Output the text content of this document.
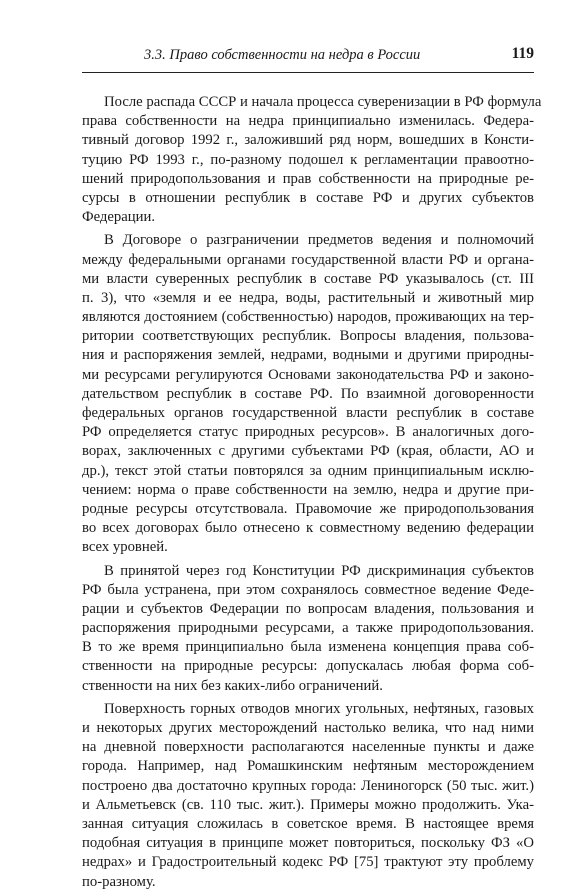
3.3. Право собственности на недра в России	119
После распада СССР и начала процесса суверенизации в РФ формула
права собственности на недра принципиально изменилась. Федера-
тивный договор 1992 г., заложивший ряд норм, вошедших в Консти-
туцию РФ 1993 г., по-разному подошел к регламентации правоотно-
шений природопользования и прав собственности на природные ре-
сурсы в отношении республик в составе РФ и других субъектов
Федерации.
В Договоре о разграничении предметов ведения и полномочий
между федеральными органами государственной власти РФ и органа-
ми власти суверенных республик в составе РФ указывалось (ст. III
п. 3), что «земля и ее недра, воды, растительный и животный мир
являются достоянием (собственностью) народов, проживающих на тер-
ритории соответствующих республик. Вопросы владения, пользова-
ния и распоряжения землей, недрами, водными и другими природны-
ми ресурсами регулируются Основами законодательства РФ и законо-
дательством республик в составе РФ. По взаимной договоренности
федеральных органов государственной власти республик в составе
РФ определяется статус природных ресурсов». В аналогичных дого-
ворах, заключенных с другими субъектами РФ (края, области, АО и
др.), текст этой статьи повторялся за одним принципиальным исклю-
чением: норма о праве собственности на землю, недра и другие при-
родные ресурсы отсутствовала. Правомочие же природопользования
во всех договорах было отнесено к совместному ведению федерации
всех уровней.
В принятой через год Конституции РФ дискриминация субъектов
РФ была устранена, при этом сохранялось совместное ведение Феде-
рации и субъектов Федерации по вопросам владения, пользования и
распоряжения природными ресурсами, а также природопользования.
В то же время принципиально была изменена концепция права соб-
ственности на природные ресурсы: допускалась любая форма соб-
ственности на них без каких-либо ограничений.
Поверхность горных отводов многих угольных, нефтяных, газовых
и некоторых других месторождений настолько велика, что над ними
на дневной поверхности располагаются населенные пункты и даже
города. Например, над Ромашкинским нефтяным месторождением
построено два достаточно крупных города: Лениногорск (50 тыс. жит.)
и Альметьевск (св. 110 тыс. жит.). Примеры можно продолжить. Ука-
занная ситуация сложилась в советское время. В настоящее время
подобная ситуация в принципе может повториться, поскольку ФЗ «О
недрах» и Градостроительный кодекс РФ [75] трактуют эту проблему
по-разному.
